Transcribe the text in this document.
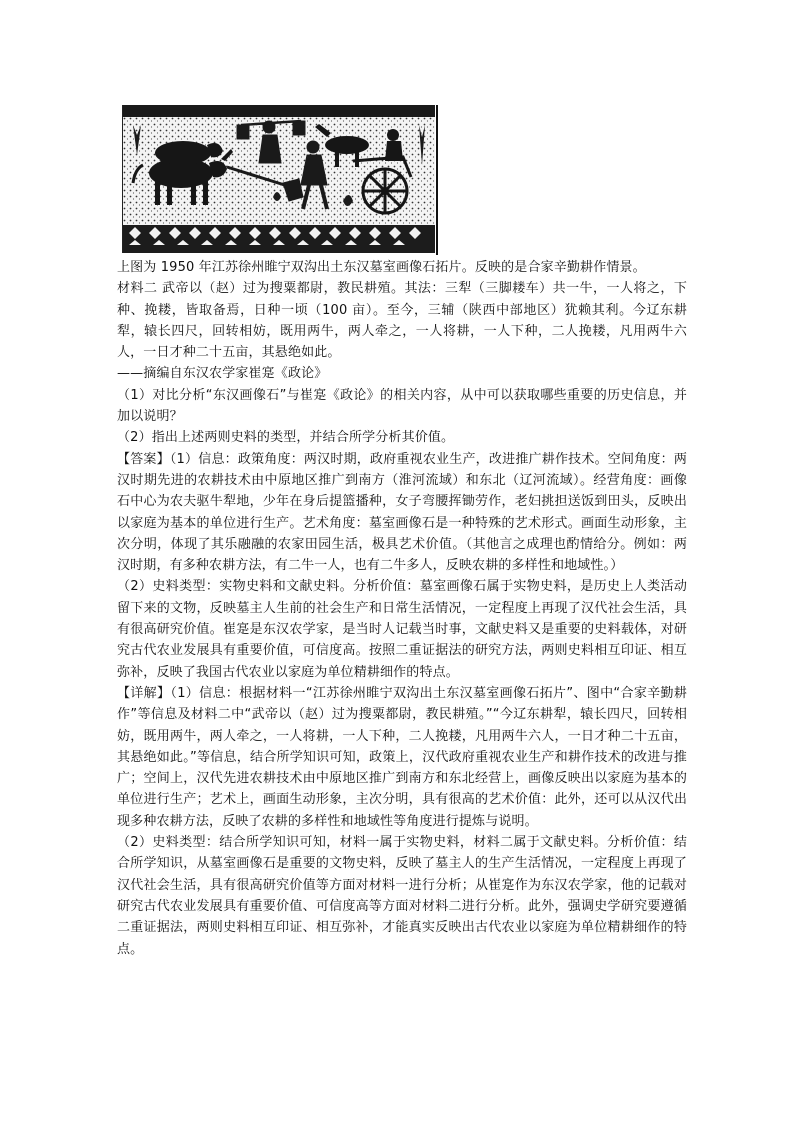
上图为 1950 年江苏徐州睢宁双沟出土东汉墓室画像石拓片。反映的是合家辛勤耕作情景。

材料二 武帝以（赵）过为搜粟都尉，教民耕殖。其法：三犁（三脚耧车）共一牛，一人将之，下种、挽耧，皆取备焉，日种一顷（100 亩）。至今，三辅（陕西中部地区）犹赖其利。今辽东耕犁，辕长四尺，回转相妨，既用两牛，两人牵之，一人将耕，一人下种，二人挽耧，凡用两牛六人，一日才种二十五亩，其悬绝如此。

——摘编自东汉农学家崔寔《政论》

（1）对比分析“东汉画像石”与崔寔《政论》的相关内容，从中可以获取哪些重要的历史信息，并加以说明？

（2）指出上述两则史料的类型，并结合所学分析其价值。

【答案】（1）信息：政策角度：两汉时期，政府重视农业生产，改进推广耕作技术。空间角度：两汉时期先进的农耕技术由中原地区推广到南方（淮河流域）和东北（辽河流域）。经营角度：画像石中心为农夫驱牛犁地，少年在身后提篮播种，女子弯腰挥锄劳作，老妇挑担送饭到田头，反映出以家庭为基本的单位进行生产。艺术角度：墓室画像石是一种特殊的艺术形式。画面生动形象，主次分明，体现了其乐融融的农家田园生活，极具艺术价值。（其他言之成理也酌情给分。例如：两汉时期，有多种农耕方法，有二牛一人，也有二牛多人，反映农耕的多样性和地域性。）

（2）史料类型：实物史料和文献史料。分析价值：墓室画像石属于实物史料，是历史上人类活动留下来的文物，反映墓主人生前的社会生产和日常生活情况，一定程度上再现了汉代社会生活，具有很高研究价值。崔寔是东汉农学家，是当时人记载当时事，文献史料又是重要的史料载体，对研究古代农业发展具有重要价值，可信度高。按照二重证据法的研究方法，两则史料相互印证、相互弥补，反映了我国古代农业以家庭为单位精耕细作的特点。

【详解】（1）信息：根据材料一“江苏徐州睢宁双沟出土东汉墓室画像石拓片”、图中“合家辛勤耕作”等信息及材料二中“武帝以（赵）过为搜粟都尉，教民耕殖。”“今辽东耕犁，辕长四尺，回转相妨，既用两牛，两人牵之，一人将耕，一人下种，二人挽耧，凡用两牛六人，一日才种二十五亩，其悬绝如此。”等信息，结合所学知识可知，政策上，汉代政府重视农业生产和耕作技术的改进与推广；空间上，汉代先进农耕技术由中原地区推广到南方和东北经营上，画像反映出以家庭为基本的单位进行生产；艺术上，画面生动形象，主次分明，具有很高的艺术价值：此外，还可以从汉代出现多种农耕方法，反映了农耕的多样性和地域性等角度进行提炼与说明。

（2）史料类型：结合所学知识可知，材料一属于实物史料，材料二属于文献史料。分析价值：结合所学知识，从墓室画像石是重要的文物史料，反映了墓主人的生产生活情况，一定程度上再现了汉代社会生活，具有很高研究价值等方面对材料一进行分析；从崔寔作为东汉农学家，他的记载对研究古代农业发展具有重要价值、可信度高等方面对材料二进行分析。此外，强调史学研究要遵循二重证据法，两则史料相互印证、相互弥补，才能真实反映出古代农业以家庭为单位精耕细作的特点。
